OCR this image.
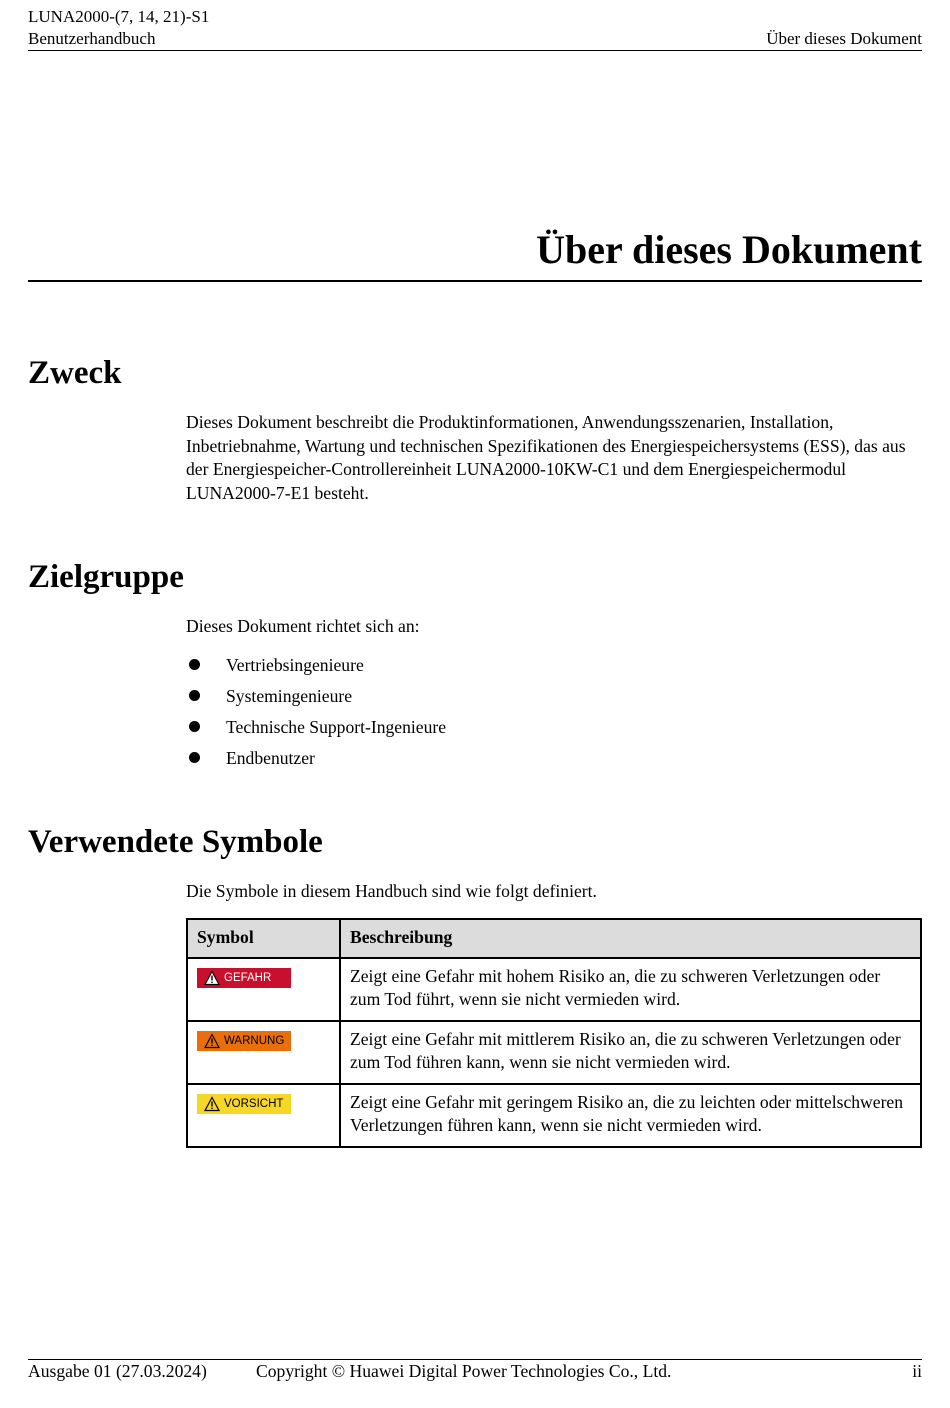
LUNA2000-(7, 14, 21)-S1
Benutzerhandbuch	Über dieses Dokument
Über dieses Dokument
Zweck

Dieses Dokument beschreibt die Produktinformationen, Anwendungsszenarien, Installation, Inbetriebnahme, Wartung und technischen Spezifikationen des Energiespeichersystems (ESS), das aus der Energiespeicher-Controllereinheit LUNA2000-10KW-C1 und dem Energiespeichermodul LUNA2000-7-E1 besteht.

Zielgruppe

Dieses Dokument richtet sich an:

Vertriebsingenieure
Systemingenieure
Technische Support-Ingenieure
Endbenutzer
Verwendete Symbole

Die Symbole in diesem Handbuch sind wie folgt definiert.

Symbol	Beschreibung

GEFAHR	Zeigt eine Gefahr mit hohem Risiko an, die zu schweren Verletzungen oder zum Tod führt, wenn sie nicht vermieden wird.

WARNUNG	Zeigt eine Gefahr mit mittlerem Risiko an, die zu schweren Verletzungen oder zum Tod führen kann, wenn sie nicht vermieden wird.

VORSICHT	Zeigt eine Gefahr mit geringem Risiko an, die zu leichten oder mittelschweren Verletzungen führen kann, wenn sie nicht vermieden wird.
Ausgabe 01 (27.03.2024)	Copyright © Huawei Digital Power Technologies Co., Ltd.	ii
